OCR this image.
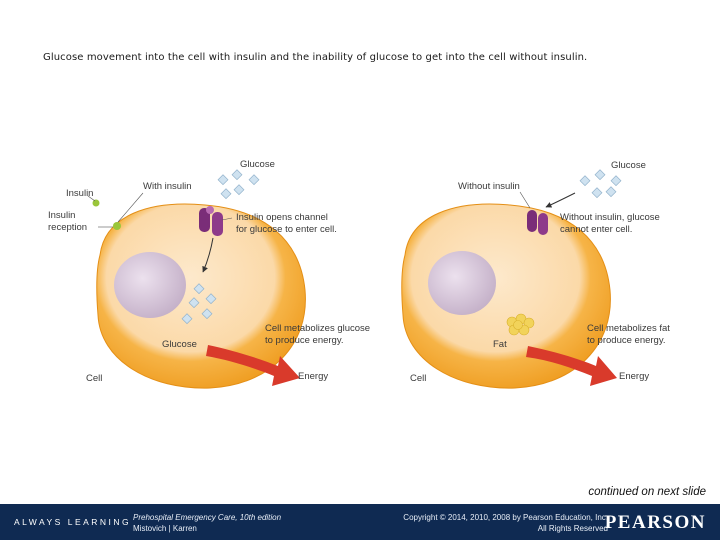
Glucose movement into the cell with insulin and the inability of glucose to get into the cell without insulin.
Insulin
With insulin
Glucose
Insulin
reception
Insulin opens channel
for glucose to enter cell.
Cell metabolizes glucose
to produce energy.
Glucose
Energy
Cell
Glucose
Without insulin
Without insulin, glucose
cannot enter cell.
Cell metabolizes fat
to produce energy.
Fat
Energy
Cell
continued on next slide
ALWAYS LEARNING Prehospital Emergency Care, 10th edition
Mistovich | Karren
Copyright © 2014, 2010, 2008 by Pearson Education, Inc.
All Rights Reserved
PEARSON
